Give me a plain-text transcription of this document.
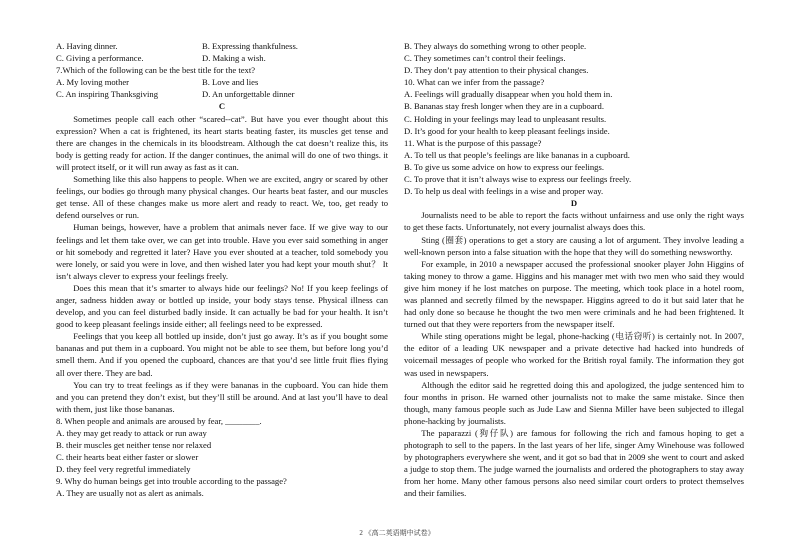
A. Having dinner.	B. Expressing thankfulness.
C. Giving a performance.	D. Making a wish.
7.Which of the following can be the best title for the text?
A. My loving mother	B. Love and lies
C. An inspiring Thanksgiving	D. An unforgettable dinner
C

Sometimes people call each other “scared--cat”. But have you ever thought about this expression? When a cat is frightened, its heart starts beating faster, its muscles get tense and there are changes in the chemicals in its bloodstream. Although the cat doesn’t realize this, its body is getting ready for action. If the danger continues, the animal will do one of two things. it will protect itself, or it will run away as fast as it can.

Something like this also happens to people. When we are excited, angry or scared by other feelings, our bodies go through many physical changes. Our hearts beat faster, and our muscles get tense. All of these changes make us more alert and ready to react. We, too, get ready to defend ourselves or run.

Human beings, however, have a problem that animals never face. If we give way to our feelings and let them take over, we can get into trouble. Have you ever said something in anger or hit somebody and regretted it later? Have you ever shouted at a teacher, told somebody you were lonely, or said you were in love, and then wished later you had kept your mouth shut？ It isn’t always clever to express your feelings freely.

Does this mean that it’s smarter to always hide our feelings? No! If you keep feelings of anger, sadness hidden away or bottled up inside, your body stays tense. Physical illness can develop, and you can feel disturbed badly inside. It can actually be bad for your health. It isn’t good to keep pleasant feelings inside either; all feelings need to be expressed.

Feelings that you keep all bottled up inside, don’t just go away. It’s as if you bought some bananas and put them in a cupboard. You might not be able to see them, but before long you’d smell them. And if you opened the cupboard, chances are that you’d see little fruit flies flying all over there. They are bad.

You can try to treat feelings as if they were bananas in the cupboard. You can hide them and you can pretend they don’t exist, but they’ll still be around. And at last you’ll have to deal with them, just like those bananas.

8. When people and animals are aroused by fear, ________.
A. they may get ready to attack or run away
B. their muscles get neither tense nor relaxed
C. their hearts beat either faster or slower
D. they feel very regretful immediately
9. Why do human beings get into trouble according to the passage?
A. They are usually not as alert as animals.
B. They always do something wrong to other people.
C. They sometimes can’t control their feelings.
D. They don’t pay attention to their physical changes.
10. What can we infer from the passage?
A. Feelings will gradually disappear when you hold them in.
B. Bananas stay fresh longer when they are in a cupboard.
C. Holding in your feelings may lead to unpleasant results.
D. It’s good for your health to keep pleasant feelings inside.
11. What is the purpose of this passage?
A. To tell us that people’s feelings are like bananas in a cupboard.
B. To give us some advice on how to express our feelings.
C. To prove that it isn’t always wise to express our feelings freely.
D. To help us deal with feelings in a wise and proper way.
D

Journalists need to be able to report the facts without unfairness and use only the right ways to get these facts. Unfortunately, not every journalist always does this.

Sting (圈套) operations to get a story are causing a lot of argument. They involve leading a well-known person into a false situation with the hope that they will do something newsworthy.

For example, in 2010 a newspaper accused the professional snooker player John Higgins of taking money to throw a game. Higgins and his manager met with two men who said they would give him money if he lost matches on purpose. The meeting, which took place in a hotel room, was planned and secretly filmed by the newspaper. Higgins agreed to do it but said later that he had only done so because he thought the two men were criminals and he had been frightened. It turned out that they were reporters from the newspaper itself.

While sting operations might be legal, phone-hacking (电话窃听) is certainly not. In 2007, the editor of a leading UK newspaper and a private detective had hacked into hundreds of voicemail messages of people who worked for the British royal family. The information they got was used in newspapers.

Although the editor said he regretted doing this and apologized, the judge sentenced him to four months in prison. He warned other journalists not to make the same mistake. Since then though, many famous people such as Jude Law and Sienna Miller have been subjected to illegal phone-hacking by journalists.

The paparazzi (狗仔队) are famous for following the rich and famous hoping to get a photograph to sell to the papers. In the last years of her life, singer Amy Winehouse was followed by photographers everywhere she went, and it got so bad that in 2009 she went to court and asked a judge to stop them. The judge warned the journalists and ordered the photographers to stay away from her home. Many other famous persons also need similar court orders to protect themselves and their families.

2 《高二英语期中试卷》
